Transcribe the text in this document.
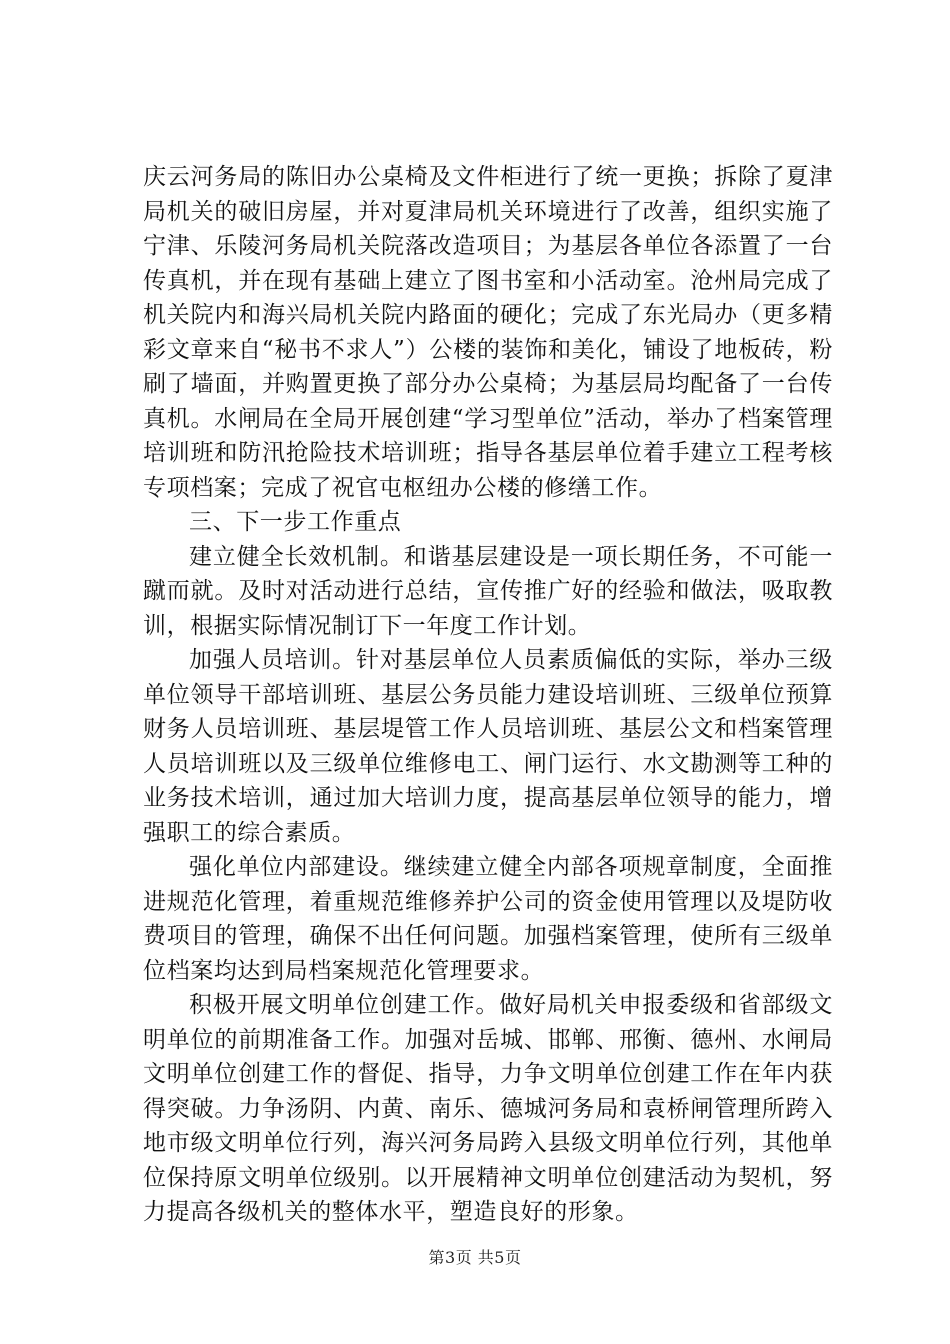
庆云河务局的陈旧办公桌椅及文件柜进行了统一更换；拆除了夏津局机关的破旧房屋，并对夏津局机关环境进行了改善，组织实施了宁津、乐陵河务局机关院落改造项目；为基层各单位各添置了一台传真机，并在现有基础上建立了图书室和小活动室。沧州局完成了机关院内和海兴局机关院内路面的硬化；完成了东光局办（更多精彩文章来自“秘书不求人”）公楼的装饰和美化，铺设了地板砖，粉刷了墙面，并购置更换了部分办公桌椅；为基层局均配备了一台传真机。水闸局在全局开展创建“学习型单位”活动，举办了档案管理培训班和防汛抢险技术培训班；指导各基层单位着手建立工程考核专项档案；完成了祝官屯枢纽办公楼的修缮工作。

三、下一步工作重点

建立健全长效机制。和谐基层建设是一项长期任务，不可能一蹴而就。及时对活动进行总结，宣传推广好的经验和做法，吸取教训，根据实际情况制订下一年度工作计划。

加强人员培训。针对基层单位人员素质偏低的实际，举办三级单位领导干部培训班、基层公务员能力建设培训班、三级单位预算财务人员培训班、基层堤管工作人员培训班、基层公文和档案管理人员培训班以及三级单位维修电工、闸门运行、水文勘测等工种的业务技术培训，通过加大培训力度，提高基层单位领导的能力，增强职工的综合素质。

强化单位内部建设。继续建立健全内部各项规章制度，全面推进规范化管理，着重规范维修养护公司的资金使用管理以及堤防收费项目的管理，确保不出任何问题。加强档案管理，使所有三级单位档案均达到局档案规范化管理要求。

积极开展文明单位创建工作。做好局机关申报委级和省部级文明单位的前期准备工作。加强对岳城、邯郸、邢衡、德州、水闸局文明单位创建工作的督促、指导，力争文明单位创建工作在年内获得突破。力争汤阴、内黄、南乐、德城河务局和袁桥闸管理所跨入地市级文明单位行列，海兴河务局跨入县级文明单位行列，其他单位保持原文明单位级别。以开展精神文明单位创建活动为契机，努力提高各级机关的整体水平，塑造良好的形象。

第3页 共5页
